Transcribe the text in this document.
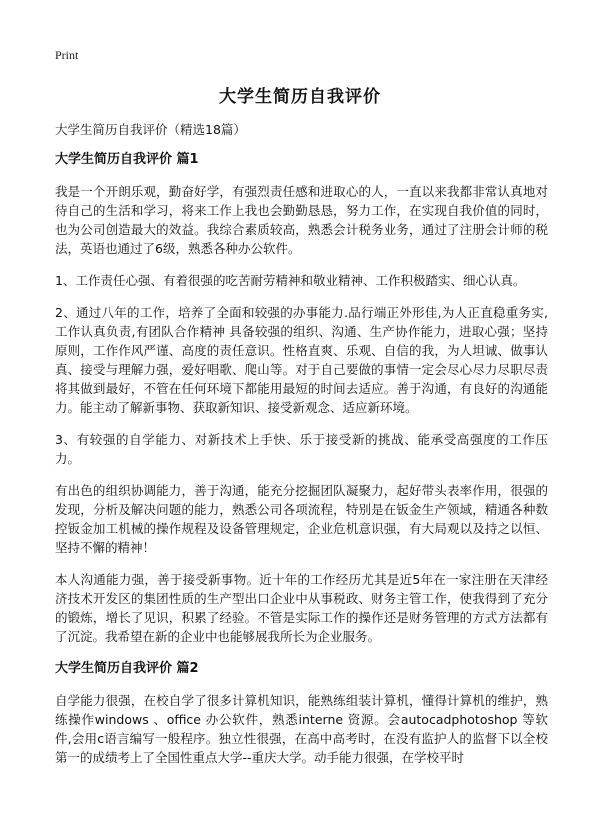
Print
大学生简历自我评价
大学生简历自我评价（精选18篇）
大学生简历自我评价 篇1

我是一个开朗乐观，勤奋好学，有强烈责任感和进取心的人，一直以来我都非常认真地对待自己的生活和学习，将来工作上我也会勤勤恳恳，努力工作，在实现自我价值的同时，也为公司创造最大的效益。我综合素质较高，熟悉会计税务业务，通过了注册会计师的税法，英语也通过了6级，熟悉各种办公软件。

1、工作责任心强、有着很强的吃苦耐劳精神和敬业精神、工作积极踏实、细心认真。

2、通过八年的工作，培养了全面和较强的办事能力.品行端正外形佳,为人正直稳重务实,工作认真负责,有团队合作精神 具备较强的组织、沟通、生产协作能力，进取心强；坚持原则，工作作风严谨、高度的责任意识。性格直爽、乐观、自信的我，为人坦诚、做事认真、接受与理解力强，爱好唱歌、爬山等。对于自己要做的事情一定会尽心尽力尽职尽责将其做到最好，不管在任何环境下都能用最短的时间去适应。善于沟通，有良好的沟通能力。能主动了解新事物、获取新知识、接受新观念、适应新环境。

3、有较强的自学能力、对新技术上手快、乐于接受新的挑战、能承受高强度的工作压力。

有出色的组织协调能力，善于沟通，能充分挖掘团队凝聚力，起好带头表率作用，很强的发现，分析及解决问题的能力，熟悉公司各项流程，特别是在钣金生产领域，精通各种数控钣金加工机械的操作规程及设备管理规定，企业危机意识强，有大局观以及持之以恒、坚持不懈的精神！

本人沟通能力强，善于接受新事物。近十年的工作经历尤其是近5年在一家注册在天津经济技术开发区的集团性质的生产型出口企业中从事税政、财务主管工作，使我得到了充分的锻炼，增长了见识，积累了经验。不管是实际工作的操作还是财务管理的方式方法都有了沉淀。我希望在新的企业中也能够展我所长为企业服务。

大学生简历自我评价 篇2

自学能力很强，在校自学了很多计算机知识，能熟练组装计算机，懂得计算机的维护，熟练操作windows 、office 办公软件，熟悉interne 资源。会autocadphotoshop 等软件,会用c语言编写一般程序。独立性很强，在高中高考时，在没有监护人的监督下以全校第一的成绩考上了全国性重点大学--重庆大学。动手能力很强，在学校平时
